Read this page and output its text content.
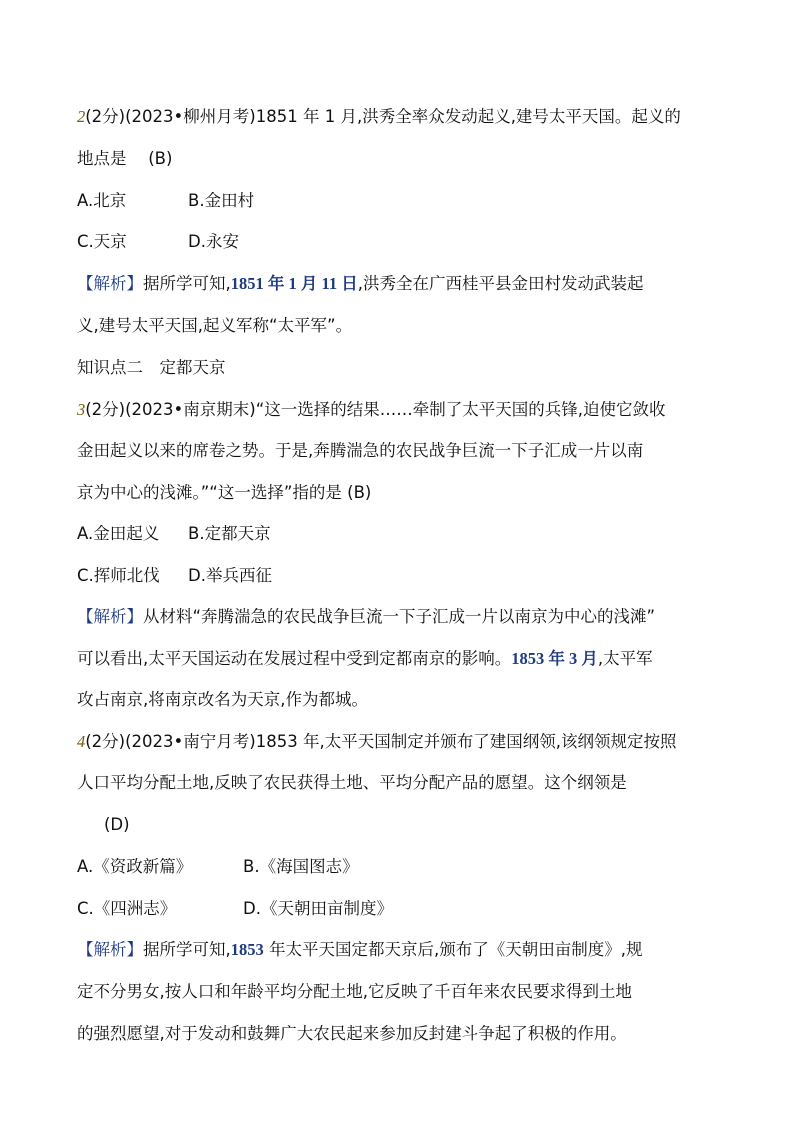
2(2分)(2023•柳州月考)1851 年 1 月,洪秀全率众发动起义,建号太平天国。起义的
地点是　 (B)
A.北京	B.金田村
C.天京	D.永安
【解析】据所学可知,1851 年 1 月 11 日,洪秀全在广西桂平县金田村发动武装起
义,建号太平天国,起义军称“太平军”。
知识点二　定都天京
3(2分)(2023•南京期末)“这一选择的结果……牵制了太平天国的兵锋,迫使它敛收
金田起义以来的席卷之势。于是,奔腾湍急的农民战争巨流一下子汇成一片以南
京为中心的浅滩。”“这一选择”指的是 (B)
A.金田起义 B.定都天京
C.挥师北伐 D.举兵西征
【解析】从材料“奔腾湍急的农民战争巨流一下子汇成一片以南京为中心的浅滩”
可以看出,太平天国运动在发展过程中受到定都南京的影响。1853 年 3 月,太平军
攻占南京,将南京改名为天京,作为都城。
4(2分)(2023•南宁月考)1853 年,太平天国制定并颁布了建国纲领,该纲领规定按照
人口平均分配土地,反映了农民获得土地、平均分配产品的愿望。这个纲领是
(D)
A.《资政新篇》	B.《海国图志》
C.《四洲志》	D.《天朝田亩制度》
【解析】据所学可知,1853 年太平天国定都天京后,颁布了《天朝田亩制度》,规
定不分男女,按人口和年龄平均分配土地,它反映了千百年来农民要求得到土地
的强烈愿望,对于发动和鼓舞广大农民起来参加反封建斗争起了积极的作用。
